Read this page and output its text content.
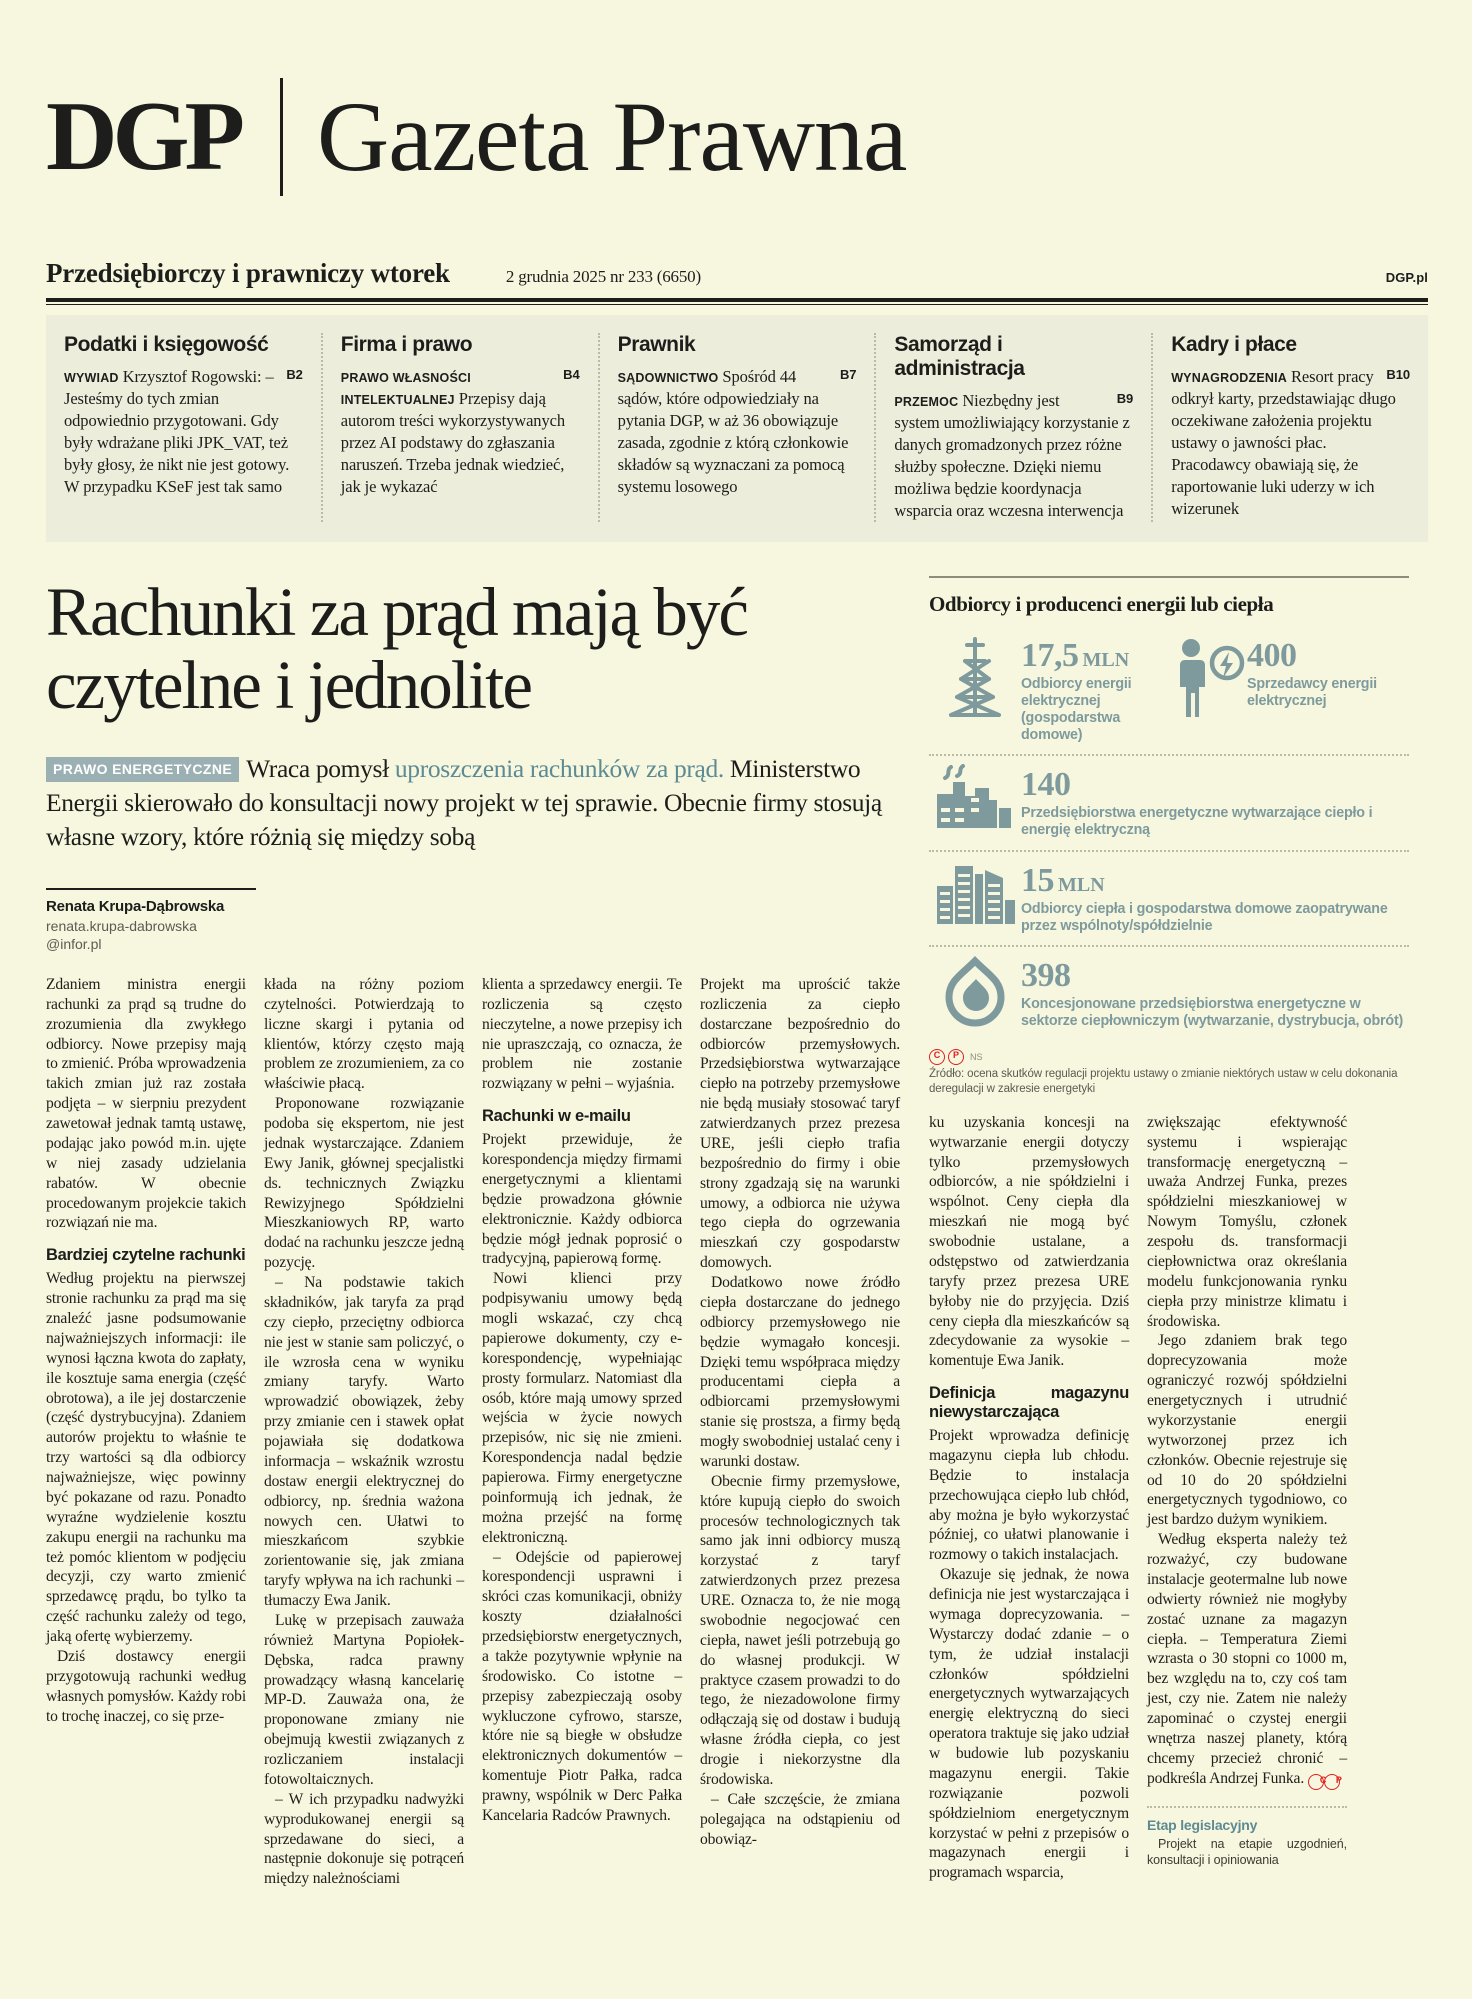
DGP Gazeta Prawna
Przedsiębiorczy i prawniczy wtorek	2 grudnia 2025 nr 233 (6650)	DGP.pl
Podatki i księgowość

B2
WYWIAD Krzysztof Rogowski: – Jesteśmy do tych zmian odpowiednio przygotowani. Gdy były wdrażane pliki JPK_VAT, też były głosy, że nikt nie jest gotowy. W przypadku KSeF jest tak samo

Firma i prawo

B4
PRAWO WŁASNOŚCI INTELEKTUALNEJ Przepisy dają autorom treści wykorzystywanych przez AI podstawy do zgłaszania naruszeń. Trzeba jednak wiedzieć, jak je wykazać

Prawnik

B7
SĄDOWNICTWO Spośród 44 sądów, które odpowiedziały na pytania DGP, w aż 36 obowiązuje zasada, zgodnie z którą członkowie składów są wyznaczani za pomocą systemu losowego

Samorząd i administracja

B9
PRZEMOC Niezbędny jest system umożliwiający korzystanie z danych gromadzonych przez różne służby społeczne. Dzięki niemu możliwa będzie koordynacja wsparcia oraz wczesna interwencja

Kadry i płace

B10
WYNAGRODZENIA Resort pracy odkrył karty, przedstawiając długo oczekiwane założenia projektu ustawy o jawności płac. Pracodawcy obawiają się, że raportowanie luki uderzy w ich wizerunek

Rachunki za prąd mają być czytelne i jednolite
PRAWO ENERGETYCZNE Wraca pomysł uproszczenia rachunków za prąd. Ministerstwo Energii skierowało do konsultacji nowy projekt w tej sprawie. Obecnie firmy stosują własne wzory, które różnią się między sobą
Renata Krupa-Dąbrowska
renata.krupa-dabrowska
@infor.pl

Zdaniem ministra energii rachunki za prąd są trudne do zrozumienia dla zwykłego odbiorcy. Nowe przepisy mają to zmienić. Próba wprowadzenia takich zmian już raz została podjęta – w sierpniu prezydent zawetował jednak tamtą ustawę, podając jako powód m.in. ujęte w niej zasady udzielania rabatów. W obecnie procedowanym projekcie takich rozwiązań nie ma.

Bardziej czytelne rachunki

Według projektu na pierwszej stronie rachunku za prąd ma się znaleźć jasne podsumowanie najważniejszych informacji: ile wynosi łączna kwota do zapłaty, ile kosztuje sama energia (część obrotowa), a ile jej dostarczenie (część dystrybucyjna). Zdaniem autorów projektu to właśnie te trzy wartości są dla odbiorcy najważniejsze, więc powinny być pokazane od razu. Ponadto wyraźne wydzielenie kosztu zakupu energii na rachunku ma też pomóc klientom w podjęciu decyzji, czy warto zmienić sprzedawcę prądu, bo tylko ta część rachunku zależy od tego, jaką ofertę wybierzemy.

Dziś dostawcy energii przygotowują rachunki według własnych pomysłów. Każdy robi to trochę inaczej, co się prze-

kłada na różny poziom czytelności. Potwierdzają to liczne skargi i pytania od klientów, którzy często mają problem ze zrozumieniem, za co właściwie płacą.

Proponowane rozwiązanie podoba się ekspertom, nie jest jednak wystarczające. Zdaniem Ewy Janik, głównej specjalistki ds. technicznych Związku Rewizyjnego Spółdzielni Mieszkaniowych RP, warto dodać na rachunku jeszcze jedną pozycję.

– Na podstawie takich składników, jak taryfa za prąd czy ciepło, przeciętny odbiorca nie jest w stanie sam policzyć, o ile wzrosła cena w wyniku zmiany taryfy. Warto wprowadzić obowiązek, żeby przy zmianie cen i stawek opłat pojawiała się dodatkowa informacja – wskaźnik wzrostu dostaw energii elektrycznej do odbiorcy, np. średnia ważona nowych cen. Ułatwi to mieszkańcom szybkie zorientowanie się, jak zmiana taryfy wpływa na ich rachunki – tłumaczy Ewa Janik.

Lukę w przepisach zauważa również Martyna Popiołek-Dębska, radca prawny prowadzący własną kancelarię MP-D. Zauważa ona, że proponowane zmiany nie obejmują kwestii związanych z rozliczaniem instalacji fotowoltaicznych.

– W ich przypadku nadwyżki wyprodukowanej energii są sprzedawane do sieci, a następnie dokonuje się potrąceń między należnościami

klienta a sprzedawcy energii. Te rozliczenia są często nieczytelne, a nowe przepisy ich nie upraszczają, co oznacza, że problem nie zostanie rozwiązany w pełni – wyjaśnia.

Rachunki w e-mailu

Projekt przewiduje, że korespondencja między firmami energetycznymi a klientami będzie prowadzona głównie elektronicznie. Każdy odbiorca będzie mógł jednak poprosić o tradycyjną, papierową formę.

Nowi klienci przy podpisywaniu umowy będą mogli wskazać, czy chcą papierowe dokumenty, czy e-korespondencję, wypełniając prosty formularz. Natomiast dla osób, które mają umowy sprzed wejścia w życie nowych przepisów, nic się nie zmieni. Korespondencja nadal będzie papierowa. Firmy energetyczne poinformują ich jednak, że można przejść na formę elektroniczną.

– Odejście od papierowej korespondencji usprawni i skróci czas komunikacji, obniży koszty działalności przedsiębiorstw energetycznych, a także pozytywnie wpłynie na środowisko. Co istotne – przepisy zabezpieczają osoby wykluczone cyfrowo, starsze, które nie są biegłe w obsłudze elektronicznych dokumentów – komentuje Piotr Pałka, radca prawny, wspólnik w Derc Pałka Kancelaria Radców Prawnych.

Projekt ma uprościć także rozliczenia za ciepło dostarczane bezpośrednio do odbiorców przemysłowych. Przedsiębiorstwa wytwarzające ciepło na potrzeby przemysłowe nie będą musiały stosować taryf zatwierdzanych przez prezesa URE, jeśli ciepło trafia bezpośrednio do firmy i obie strony zgadzają się na warunki umowy, a odbiorca nie używa tego ciepła do ogrzewania mieszkań czy gospodarstw domowych.

Dodatkowo nowe źródło ciepła dostarczane do jednego odbiorcy przemysłowego nie będzie wymagało koncesji. Dzięki temu współpraca między producentami ciepła a odbiorcami przemysłowymi stanie się prostsza, a firmy będą mogły swobodniej ustalać ceny i warunki dostaw.

Obecnie firmy przemysłowe, które kupują ciepło do swoich procesów technologicznych tak samo jak inni odbiorcy muszą korzystać z taryf zatwierdzonych przez prezesa URE. Oznacza to, że nie mogą swobodnie negocjować cen ciepła, nawet jeśli potrzebują go do własnej produkcji. W praktyce czasem prowadzi to do tego, że niezadowolone firmy odłączają się od dostaw i budują własne źródła ciepła, co jest drogie i niekorzystne dla środowiska.

– Całe szczęście, że zmiana polegająca na odstąpieniu od obowiąz-

Odbiorcy i producenci energii lub ciepła
17,5 MLN
Odbiorcy energii elektrycznej (gospodarstwa domowe)
400
Sprzedawcy energii elektrycznej
140
Przedsiębiorstwa energetyczne wytwarzające ciepło i energię elektryczną
15 MLN
Odbiorcy ciepła i gospodarstwa domowe zaopatrywane przez wspólnoty/spółdzielnie
398
Koncesjonowane przedsiębiorstwa energetyczne w sektorze ciepłowniczym (wytwarzanie, dystrybucja, obrót)
C	P	NS
Źródło: ocena skutków regulacji projektu ustawy o zmianie niektórych ustaw w celu dokonania deregulacji w zakresie energetyki

ku uzyskania koncesji na wytwarzanie energii dotyczy tylko przemysłowych odbiorców, a nie spółdzielni i wspólnot. Ceny ciepła dla mieszkań nie mogą być swobodnie ustalane, a odstępstwo od zatwierdzania taryfy przez prezesa URE byłoby nie do przyjęcia. Dziś ceny ciepła dla mieszkańców są zdecydowanie za wysokie – komentuje Ewa Janik.

Definicja magazynu niewystarczająca

Projekt wprowadza definicję magazynu ciepła lub chłodu. Będzie to instalacja przechowująca ciepło lub chłód, aby można je było wykorzystać później, co ułatwi planowanie i rozmowy o takich instalacjach.

Okazuje się jednak, że nowa definicja nie jest wystarczająca i wymaga doprecyzowania. – Wystarczy dodać zdanie – o tym, że udział instalacji członków spółdzielni energetycznych wytwarzających energię elektryczną do sieci operatora traktuje się jako udział w budowie lub pozyskaniu magazynu energii. Takie rozwiązanie pozwoli spółdzielniom energetycznym korzystać w pełni z przepisów o magazynach energii i programach wsparcia,

zwiększając efektywność systemu i wspierając transformację energetyczną – uważa Andrzej Funka, prezes spółdzielni mieszkaniowej w Nowym Tomyślu, członek zespołu ds. transformacji ciepłownictwa oraz określania modelu funkcjonowania rynku ciepła przy ministrze klimatu i środowiska.

Jego zdaniem brak tego doprecyzowania może ograniczyć rozwój spółdzielni energetycznych i utrudnić wykorzystanie energii wytworzonej przez ich członków. Obecnie rejestruje się od 10 do 20 spółdzielni energetycznych tygodniowo, co jest bardzo dużym wynikiem.

Według eksperta należy też rozważyć, czy budowane instalacje geotermalne lub nowe odwierty również nie mogłyby zostać uznane za magazyn ciepła. – Temperatura Ziemi wzrasta o 30 stopni co 1000 m, bez względu na to, czy coś tam jest, czy nie. Zatem nie należy zapominać o czystej energii wnętrza naszej planety, którą chcemy przecież chronić – podkreśla Andrzej Funka. C P

Etap legislacyjny

Projekt na etapie uzgodnień, konsultacji i opiniowania
